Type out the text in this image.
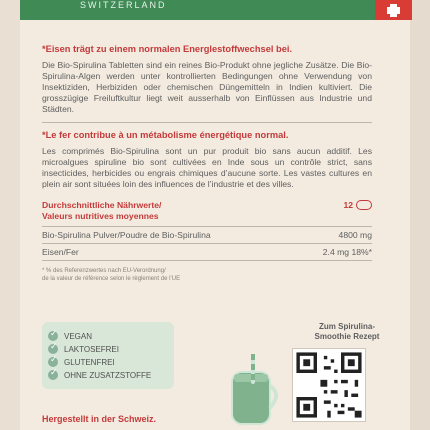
SWITZERLAND

*Eisen trägt zu einem normalen Energlestoffwechsel bei.

Die Bio-Spirulina Tabletten sind ein reines Bio-Produkt ohne jegliche Zusätze. Die Bio-Spirulina-Algen werden unter kontrollierten Bedingungen ohne Verwendung von Insektiziden, Herbiziden oder chemischen Düngemitteln in Indien kultiviert. Die grosszügige Freiluftkultur liegt weit ausserhalb von Einflüssen aus Industrie und Städten.

*Le fer contribue à un métabolisme énergétique normal.

Les comprimés Bio-Spirulina sont un pur produit bio sans aucun additif. Les microalgues spiruline bio sont cultivées en Inde sous un contrôle strict, sans insecticides, herbicides ou engrais chimiques d’aucune sorte. Les vastes cultures en plein air sont situées loin des influences de l’industrie et des villes.

Durchschnittliche Nährwerte/
Valeurs nutritives moyennes
12
Bio-Spirulina Pulver/Poudre de Bio-Spirulina	4800 mg
Eisen/Fer	2.4 mg 18%*
* % des Referenzwertes nach EU-Verordnung/
de la valeur de référence selon le règlement de l’UE
✓
VEGAN
✓
LAKTOSEFREI
✓
GLUTENFREI
✓
OHNE ZUSATZSTOFFE
Hergestellt in der Schweiz.
Zum Spirulina-
Smoothie Rezept
